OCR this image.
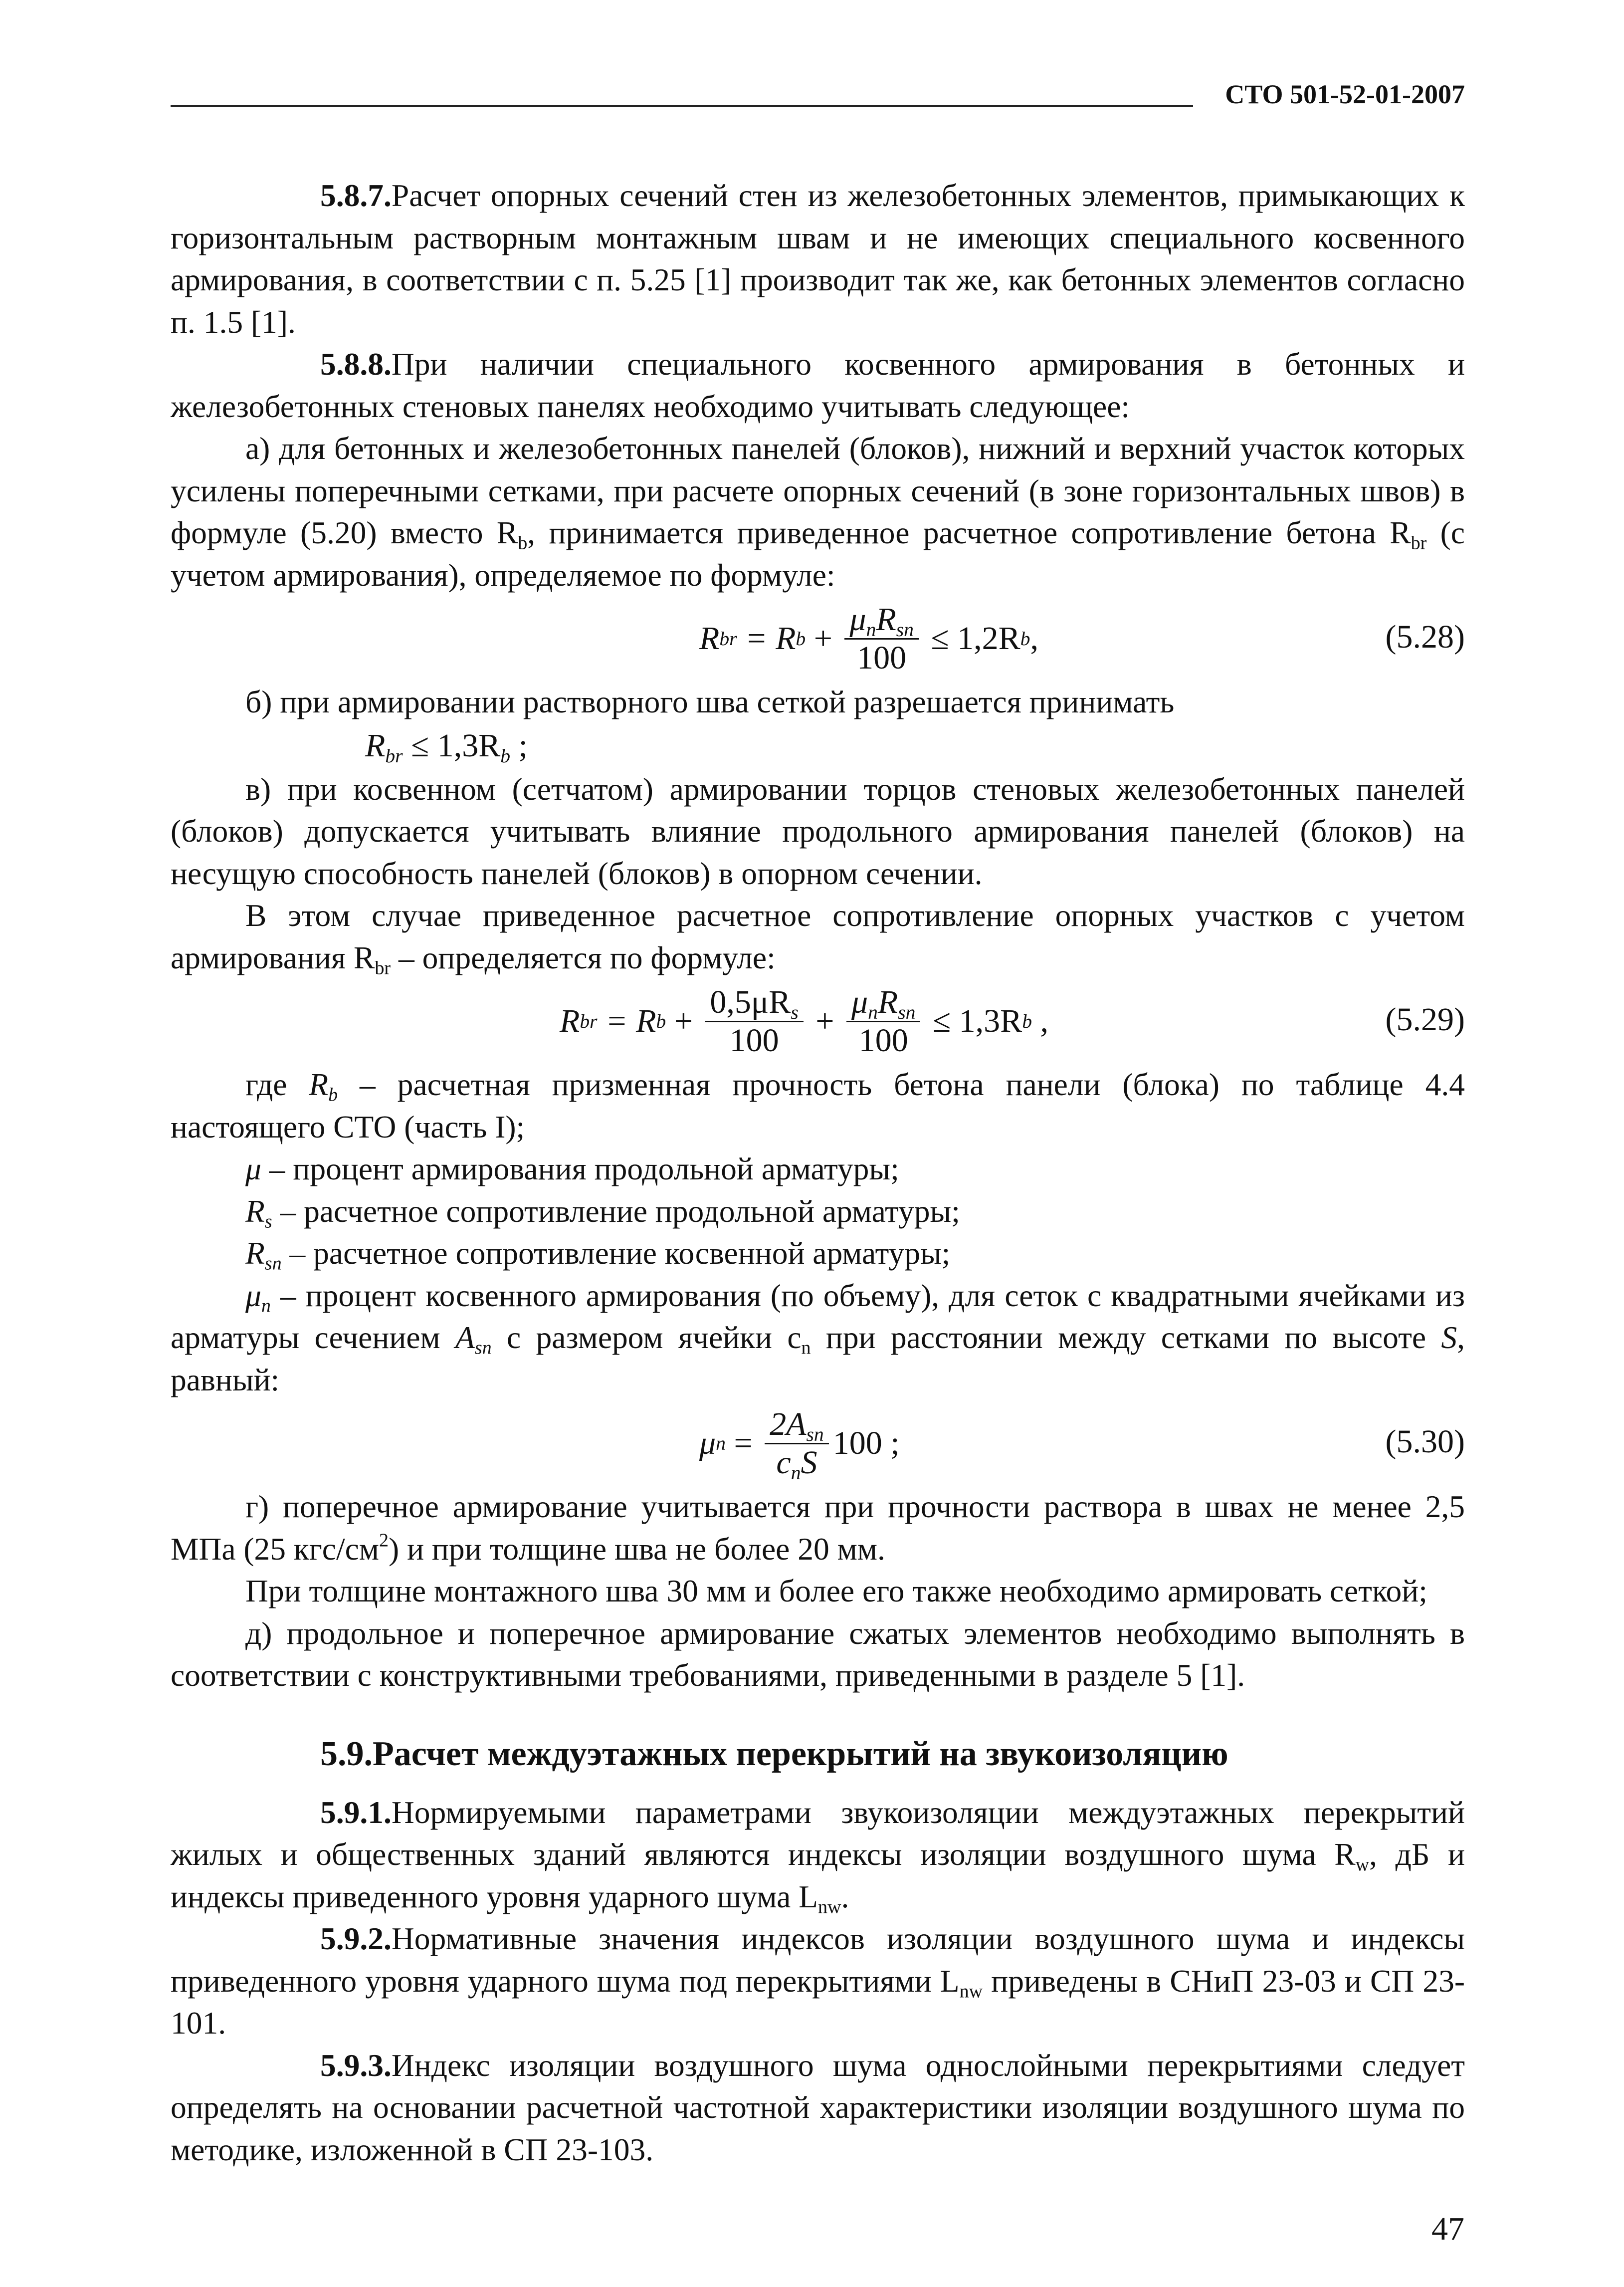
СТО 501-52-01-2007

5.8.7.Расчет опорных сечений стен из железобетонных элементов, примыкающих к горизонтальным растворным монтажным швам и не имеющих специального косвенного армирования, в соответствии с п. 5.25 [1] производит так же, как бетонных элементов согласно п. 1.5 [1].

5.8.8.При наличии специального косвенного армирования в бетонных и железобетонных стеновых панелях необходимо учитывать следующее:

а) для бетонных и железобетонных панелей (блоков), нижний и верхний участок которых усилены поперечными сетками, при расчете опорных сечений (в зоне горизонтальных швов) в формуле (5.20) вместо $R_b$, принимается приведенное расчетное сопротивление бетона $R_{br}$ (с учетом армирования), определяемое по формуле:

R br = R $b + \frac{\mu_nR_{sn}}{100} \le 1,2R$ b ,	(5.28)

б) при армировании растворного шва сеткой разрешается принимать

$R_{br} \le 1,3R_b$ ;

в) при косвенном (сетчатом) армировании торцов стеновых железобетонных панелей (блоков) допускается учитывать влияние продольного армирования панелей (блоков) на несущую способность панелей (блоков) в опорном сечении.

В этом случае приведенное расчетное сопротивление опорных участков с учетом армирования $R_{br}$ – определяется по формуле:

R br = R $b + \frac{0,5\mu R_s}{100} + \frac{\mu_nR_{sn}}{100} \le 1,3R$ b ,	(5.29)

где $R_b$ – расчетная призменная прочность бетона панели (блока) по таблице 4.4 настоящего СТО (часть I);

μ – процент армирования продольной арматуры;

$R_s$ – расчетное сопротивление продольной арматуры;

$R_{sn}$ – расчетное сопротивление косвенной арматуры;

$\mu_n$ – процент косвенного армирования (по объему), для сеток с квадратными ячейками из арматуры сечением $A_{sn}$ с размером ячейки $c_n$ при расстоянии между сетками по высоте S, равный:

μ $n = \frac{2A_{sn}}{c_nS} 100$ ;	(5.30)

г) поперечное армирование учитывается при прочности раствора в швах не менее 2,5 МПа (25 кгс/$см^2$) и при толщине шва не более 20 мм.

При толщине монтажного шва 30 мм и более его также необходимо армировать сеткой;

д) продольное и поперечное армирование сжатых элементов необходимо выполнять в соответствии с конструктивными требованиями, приведенными в разделе 5 [1].

5.9.Расчет междуэтажных перекрытий на звукоизоляцию

5.9.1.Нормируемыми параметрами звукоизоляции междуэтажных перекрытий жилых и общественных зданий являются индексы изоляции воздушного шума $R_w$, дБ и индексы приведенного уровня ударного шума $L_{nw}$.

5.9.2.Нормативные значения индексов изоляции воздушного шума и индексы приведенного уровня ударного шума под перекрытиями $L_{nw}$ приведены в СНиП 23-03 и СП 23-101.

5.9.3.Индекс изоляции воздушного шума однослойными перекрытиями следует определять на основании расчетной частотной характеристики изоляции воздушного шума по методике, изложенной в СП 23-103.

47
